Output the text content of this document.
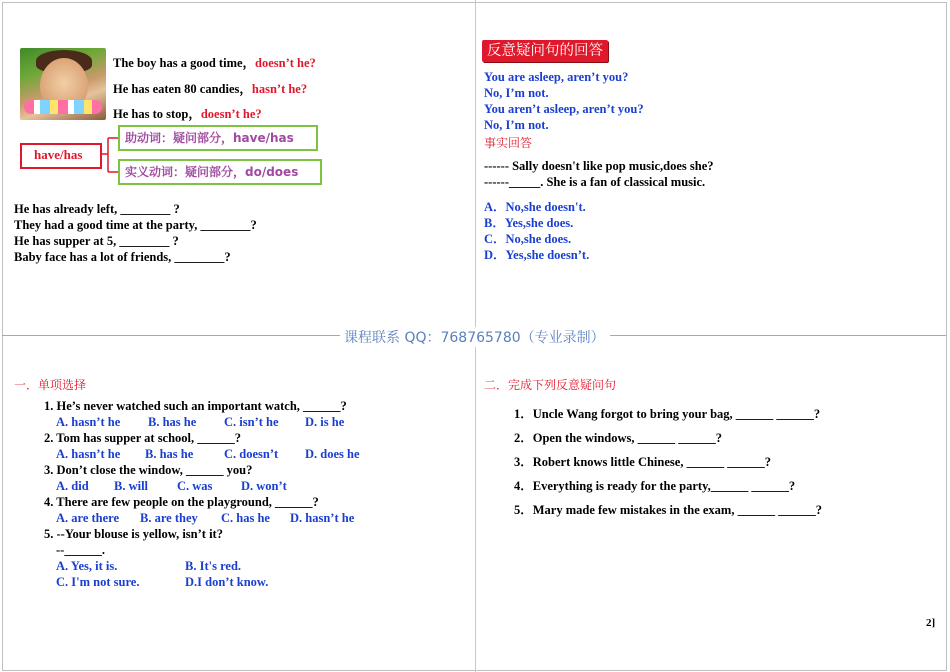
课程联系 QQ：768765780（专业录制）
The boy has a good time，doesn’t he?
He has eaten 80 candies，hasn’t he?
He has to stop，doesn’t he?
have/has
助动词：疑问部分，have/has
实义动词：疑问部分，do/does
He has already left, ________ ?
They had a good time at the party, ________?
He has supper at 5, ________ ?
Baby face has a lot of friends, ________?
反意疑问句的回答
You are asleep, aren’t you?
No, I’m not.
You aren’t asleep, aren’t you?
No, I’m not.
事实回答
------ Sally doesn't like pop music,does she?
------_____. She is a fan of classical music.
A．No,she doesn't.
B．Yes,she does.
C．No,she does.
D．Yes,she doesn’t.
一．单项选择
1. He’s never watched such an important watch, ______?
A. hasn’t he B. has he C. isn’t he D. is he
2. Tom has supper at school, ______?
A. hasn’t he B. has he C. doesn’t D. does he
3. Don’t close the window, ______ you?
A. did B. will C. was D. won’t
4. There are few people on the playground, ______?
A. are there B. are they C. has he D. hasn’t he
5. --Your blouse is yellow, isn’t it?
--______.
A. Yes, it is.	B. It's red.
C. I'm not sure.	D.I don’t know.
二．完成下列反意疑问句
1．Uncle Wang forgot to bring your bag, ______ ______?
2．Open the windows, ______ ______?
3．Robert knows little Chinese, ______ ______?
4．Everything is ready for the party,______ ______?
5．Mary made few mistakes in the exam, ______ ______?
2]
